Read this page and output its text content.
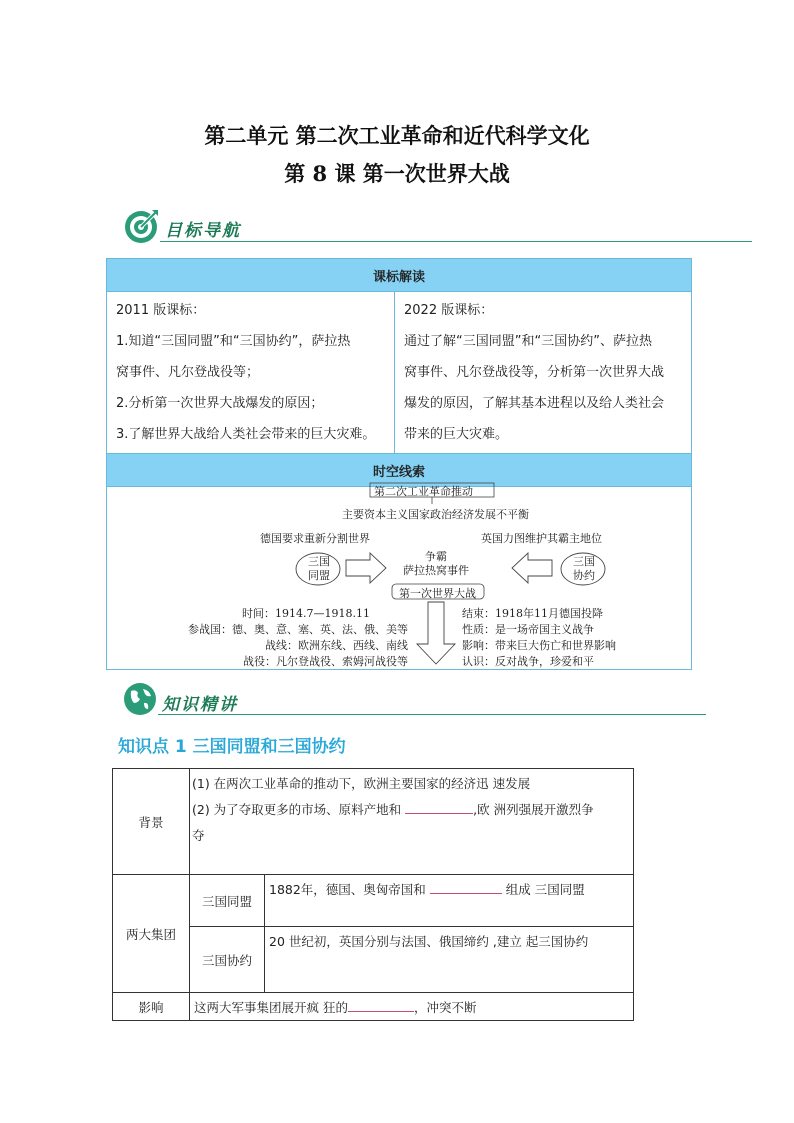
第二单元 第二次工业革命和近代科学文化
第 8 课 第一次世界大战
目标导航
课标解读

2011 版课标：
1.知道“三国同盟”和“三国协约”，萨拉热
窝事件、凡尔登战役等；
2.分析第一次世界大战爆发的原因；
3.了解世界大战给人类社会带来的巨大灾难。

2022 版课标：
通过了解“三国同盟”和“三国协约”、萨拉热
窝事件、凡尔登战役等，分析第一次世界大战
爆发的原因，了解其基本进程以及给人类社会
带来的巨大灾难。

时空线索

第二次工业革命推动
主要资本主义国家政治经济发展不平衡
德国要求重新分割世界	英国力图维护其霸主地位
三国
同盟
三国
协约
争霸
萨拉热窝事件
第一次世界大战
时间：1914.7—1918.11
参战国：德、奥、意、塞、英、法、俄、美等
战线：欧洲东线、西线、南线
战役：凡尔登战役、索姆河战役等
结束：1918年11月德国投降
性质：是一场帝国主义战争
影响：带来巨大伤亡和世界影响
认识：反对战争，珍爱和平
知识精讲
知识点 1 三国同盟和三国协约
背景	(1) 在两次工业革命的推动下，欧洲主要国家的经济迅 速发展
(2) 为了夺取更多的市场、原料产地和 ,欧 洲列强展开激烈争
夺	

两大集团	三国同盟	1882年，德国、奥匈帝国和 组成 三国同盟
	三国协约	20 世纪初，英国分别与法国、俄国缔约 ,建立 起三国协约
影响	这两大军事集团展开疯 狂的 ，冲突不断	
